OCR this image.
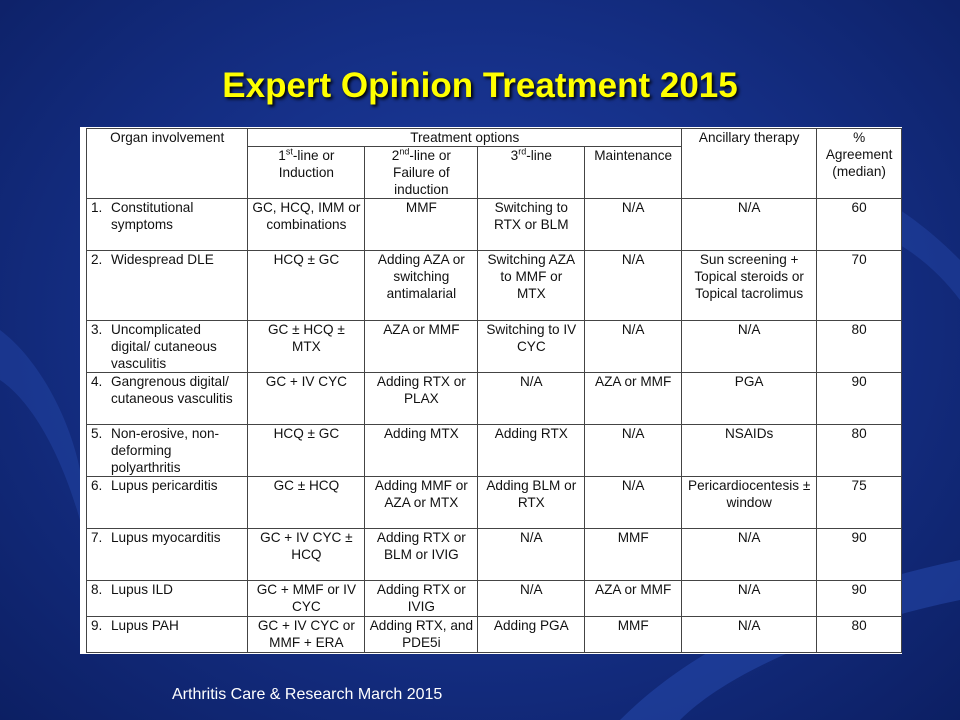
Expert Opinion Treatment 2015
Organ involvement	Treatment options				Ancillary therapy	% Agreement (median)
	1st-line or Induction	2nd-line or Failure of induction	3rd-line	Maintenance		

1. Constitutional symptoms	GC, HCQ, IMM or combinations	MMF	Switching to RTX or BLM	N/A	N/A	60

2. Widespread DLE	HCQ ± GC	Adding AZA or switching antimalarial	Switching AZA to MMF or MTX	N/A	Sun screening + Topical steroids or Topical tacrolimus	70

3. Uncomplicated digital/ cutaneous vasculitis	GC ± HCQ ± MTX	AZA or MMF	Switching to IV CYC	N/A	N/A	80

4. Gangrenous digital/ cutaneous vasculitis	GC + IV CYC	Adding RTX or PLAX	N/A	AZA or MMF	PGA	90

5. Non-erosive, non-deforming polyarthritis	HCQ ± GC	Adding MTX	Adding RTX	N/A	NSAIDs	80

6. Lupus pericarditis	GC ± HCQ	Adding MMF or AZA or MTX	Adding BLM or RTX	N/A	Pericardiocentesis ± window	75

7. Lupus myocarditis	GC + IV CYC ± HCQ	Adding RTX or BLM or IVIG	N/A	MMF	N/A	90

8. Lupus ILD	GC + MMF or IV CYC	Adding RTX or IVIG	N/A	AZA or MMF	N/A	90

9. Lupus PAH	GC + IV CYC or MMF + ERA	Adding RTX, and PDE5i	Adding PGA	MMF	N/A	80
Arthritis Care & Research March 2015
